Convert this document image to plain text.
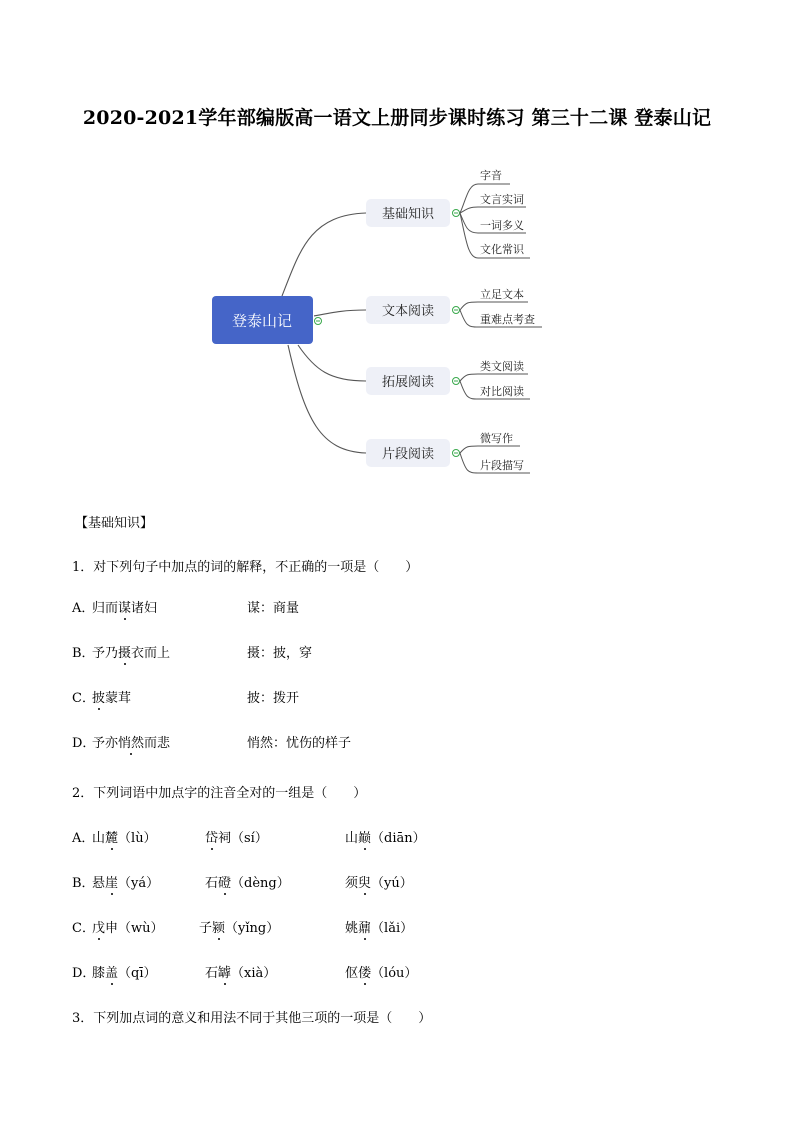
2020-2021学年部编版高一语文上册同步课时练习 第三十二课 登泰山记
登泰山记
基础知识
字音
文言实词
一词多义
文化常识
文本阅读
立足文本
重难点考查
拓展阅读
类文阅读
对比阅读
片段阅读
微写作
片段描写
【基础知识】
1．对下列句子中加点的词的解释，不正确的一项是（　　）
A．
归而谋诸妇	谋：商量
B．
予乃摄衣而上	摄：披，穿
C．
披蒙茸	披：拨开
D．
予亦悄然而悲	悄然：忧伤的样子
2．下列词语中加点字的注音全对的一组是（　　）
A．
山麓（lù）	岱祠（sí）	山巅（diān）
B．
悬崖（yá）	石磴（dèng）	须臾（yú）
C．
戊申（wù）	子颍（yǐng）	姚鼐（lǎi）
D．
膝盖（qī）	石罅（xià）	伛偻（lóu）
3．下列加点词的意义和用法不同于其他三项的一项是（　　）
